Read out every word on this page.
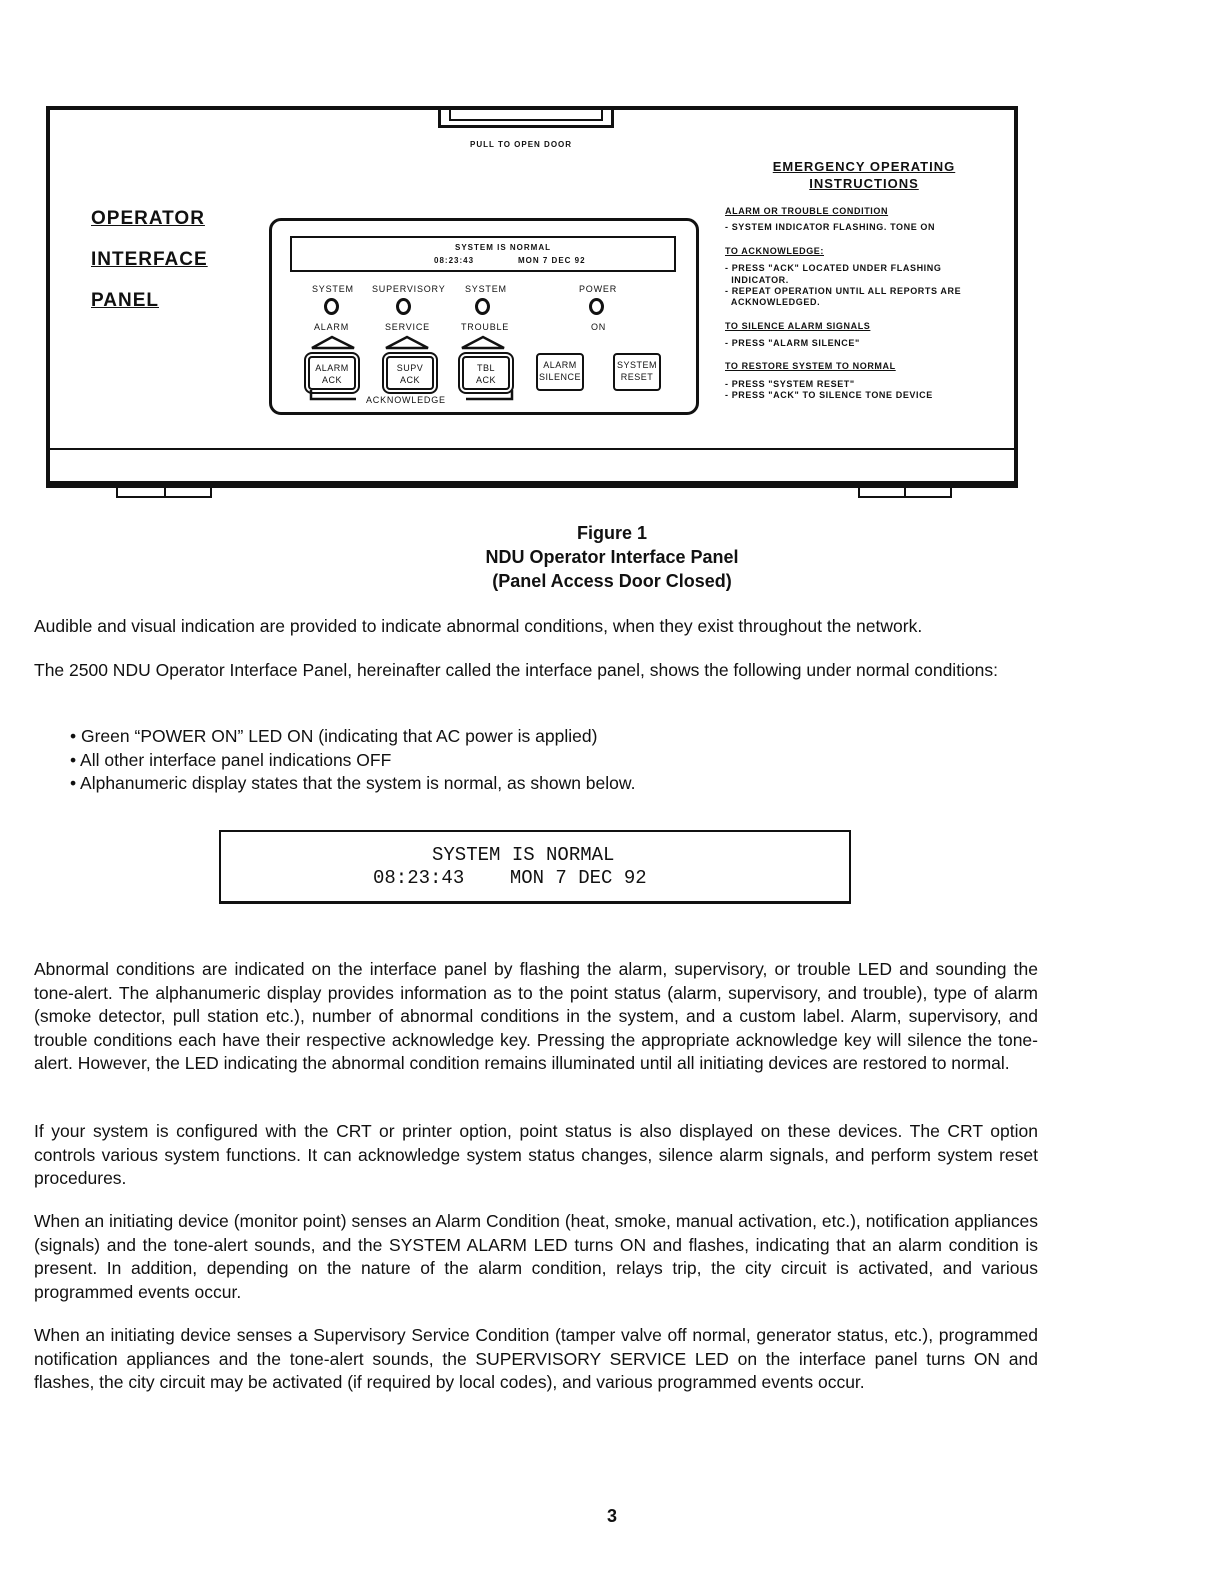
PULL TO OPEN DOOR
OPERATOR
INTERFACE
PANEL
SYSTEM IS NORMAL
08:23:43	MON 7 DEC 92
SYSTEM SUPERVISORY SYSTEM	POWER
ALARM	SERVICE	TROUBLE	ON
ALARM
ACK
SUPV
ACK
TBL
ACK
ALARM
SILENCE
SYSTEM
RESET
ACKNOWLEDGE
EMERGENCY OPERATING
INSTRUCTIONS
ALARM OR TROUBLE CONDITION
- SYSTEM INDICATOR FLASHING. TONE ON
TO ACKNOWLEDGE:
- PRESS "ACK" LOCATED UNDER FLASHING
INDICATOR.
- REPEAT OPERATION UNTIL ALL REPORTS ARE
ACKNOWLEDGED.
TO SILENCE ALARM SIGNALS
- PRESS "ALARM SILENCE"
TO RESTORE SYSTEM TO NORMAL
- PRESS "SYSTEM RESET"
- PRESS "ACK" TO SILENCE TONE DEVICE
Figure 1
NDU Operator Interface Panel
(Panel Access Door Closed)
Audible and visual indication are provided to indicate abnormal conditions, when they exist throughout the network.
The 2500 NDU Operator Interface Panel, hereinafter called the interface panel, shows the following under normal conditions:
• Green “POWER ON” LED ON (indicating that AC power is applied)
• All other interface panel indications OFF
• Alphanumeric display states that the system is normal, as shown below.
SYSTEM IS NORMAL
08:23:43    MON 7 DEC 92
Abnormal conditions are indicated on the interface panel by flashing the alarm, supervisory, or trouble LED and sounding the tone-alert. The alphanumeric display provides information as to the point status (alarm, supervisory, and trouble), type of alarm (smoke detector, pull station etc.), number of abnormal conditions in the system, and a custom label. Alarm, supervisory, and trouble conditions each have their respective acknowledge key. Pressing the appropriate acknowledge key will silence the tone-alert. However, the LED indicating the abnormal condition remains illuminated until all initiating devices are restored to normal.
If your system is configured with the CRT or printer option, point status is also displayed on these devices. The CRT option controls various system functions. It can acknowledge system status changes, silence alarm signals, and perform system reset procedures.
When an initiating device (monitor point) senses an Alarm Condition (heat, smoke, manual activation, etc.), notification appliances (signals) and the tone-alert sounds, and the SYSTEM ALARM LED turns ON and flashes, indicating that an alarm condition is present. In addition, depending on the nature of the alarm condition, relays trip, the city circuit is activated, and various programmed events occur.
When an initiating device senses a Supervisory Service Condition (tamper valve off normal, generator status, etc.), programmed notification appliances and the tone-alert sounds, the SUPERVISORY SERVICE LED on the interface panel turns ON and flashes, the city circuit may be activated (if required by local codes), and various programmed events occur.
3
